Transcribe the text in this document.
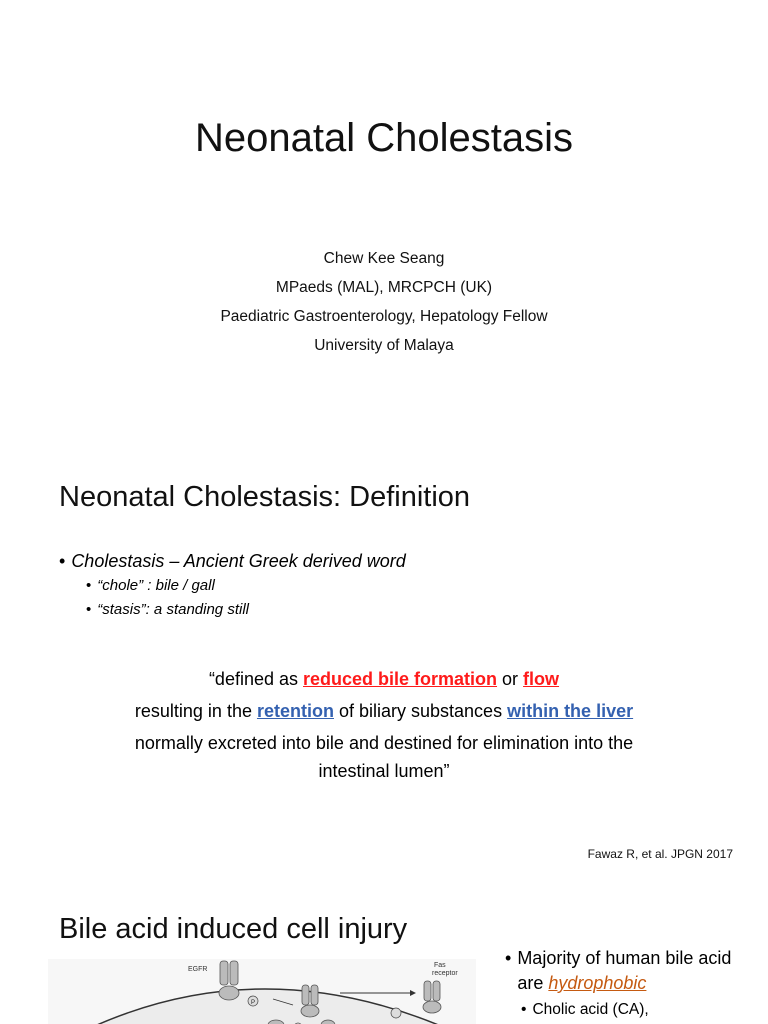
Neonatal Cholestasis
Chew Kee Seang
MPaeds (MAL), MRCPCH (UK)
Paediatric Gastroenterology, Hepatology Fellow
University of Malaya
Neonatal Cholestasis: Definition
• Cholestasis – Ancient Greek derived word
• “chole” : bile / gall
• “stasis”: a standing still
“defined as reduced bile formation or flow
resulting in the retention of biliary substances within the liver
normally excreted into bile and destined for elimination into the
intestinal lumen”
Fawaz R, et al. JPGN 2017
Bile acid induced cell injury
EGFR
P
Fas
receptor
• Majority of human bile acid are hydrophobic
• Cholic acid (CA),
